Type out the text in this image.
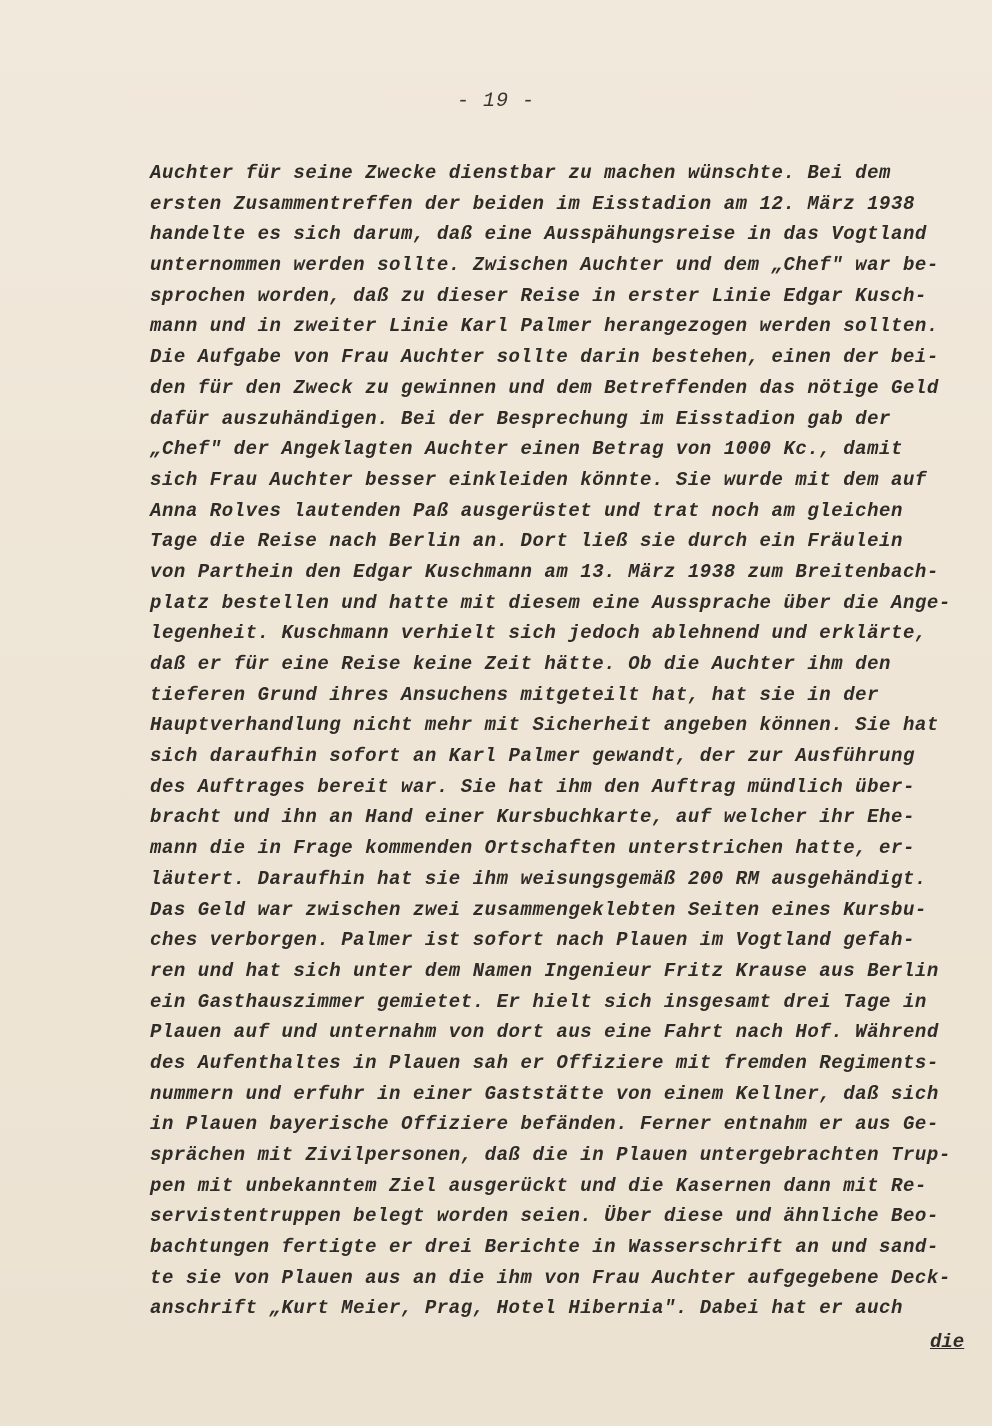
- 19 -
Auchter für seine Zwecke dienstbar zu machen wünschte. Bei dem
ersten Zusammentreffen der beiden im Eisstadion am 12. März 1938
handelte es sich darum, daß eine Ausspähungsreise in das Vogtland
unternommen werden sollte. Zwischen Auchter und dem „Chef" war be-
sprochen worden, daß zu dieser Reise in erster Linie Edgar Kusch-
mann und in zweiter Linie Karl Palmer herangezogen werden sollten.
Die Aufgabe von Frau Auchter sollte darin bestehen, einen der bei-
den für den Zweck zu gewinnen und dem Betreffenden das nötige Geld
dafür auszuhändigen. Bei der Besprechung im Eisstadion gab der
„Chef" der Angeklagten Auchter einen Betrag von 1000 Kc., damit
sich Frau Auchter besser einkleiden könnte. Sie wurde mit dem auf
Anna Rolves lautenden Paß ausgerüstet und trat noch am gleichen
Tage die Reise nach Berlin an. Dort ließ sie durch ein Fräulein
von Parthein den Edgar Kuschmann am 13. März 1938 zum Breitenbach-
platz bestellen und hatte mit diesem eine Aussprache über die Ange-
legenheit. Kuschmann verhielt sich jedoch ablehnend und erklärte,
daß er für eine Reise keine Zeit hätte. Ob die Auchter ihm den
tieferen Grund ihres Ansuchens mitgeteilt hat, hat sie in der
Hauptverhandlung nicht mehr mit Sicherheit angeben können. Sie hat
sich daraufhin sofort an Karl Palmer gewandt, der zur Ausführung
des Auftrages bereit war. Sie hat ihm den Auftrag mündlich über-
bracht und ihn an Hand einer Kursbuchkarte, auf welcher ihr Ehe-
mann die in Frage kommenden Ortschaften unterstrichen hatte, er-
läutert. Daraufhin hat sie ihm weisungsgemäß 200 RM ausgehändigt.
Das Geld war zwischen zwei zusammengeklebten Seiten eines Kursbu-
ches verborgen. Palmer ist sofort nach Plauen im Vogtland gefah-
ren und hat sich unter dem Namen Ingenieur Fritz Krause aus Berlin
ein Gasthauszimmer gemietet. Er hielt sich insgesamt drei Tage in
Plauen auf und unternahm von dort aus eine Fahrt nach Hof. Während
des Aufenthaltes in Plauen sah er Offiziere mit fremden Regiments-
nummern und erfuhr in einer Gaststätte von einem Kellner, daß sich
in Plauen bayerische Offiziere befänden. Ferner entnahm er aus Ge-
sprächen mit Zivilpersonen, daß die in Plauen untergebrachten Trup-
pen mit unbekanntem Ziel ausgerückt und die Kasernen dann mit Re-
servistentruppen belegt worden seien. Über diese und ähnliche Beo-
bachtungen fertigte er drei Berichte in Wasserschrift an und sand-
te sie von Plauen aus an die ihm von Frau Auchter aufgegebene Deck-
anschrift „Kurt Meier, Prag, Hotel Hibernia". Dabei hat er auch
die
